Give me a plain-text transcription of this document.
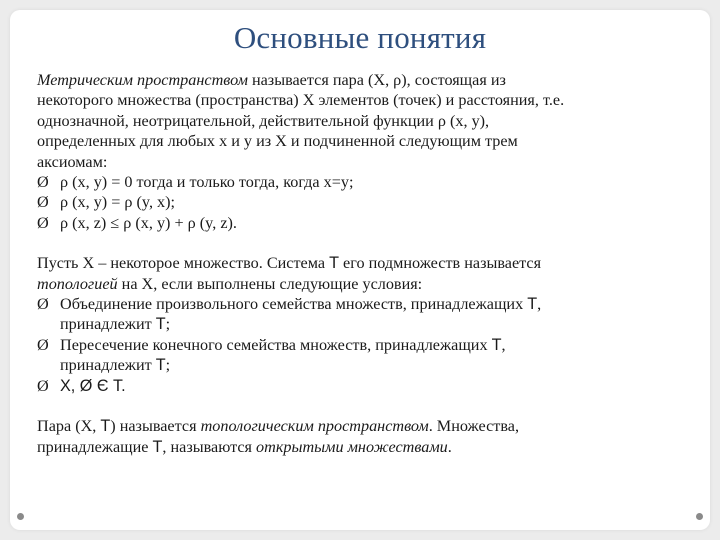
Основные понятия

Метрическим пространством называется пара (X, ρ), состоящая из

некоторого множества (пространства) X элементов (точек) и расстояния, т.е.

однозначной, неотрицательной, действительной функции ρ (x, y),

определенных для любых x и y из X и подчиненной следующим трем

аксиомам:

Ø ρ (x, y) = 0 тогда и только тогда, когда x=y;
Ø ρ (x, y) = ρ (y, x);
Ø ρ (x, z) ≤ ρ (x, y) + ρ (y, z).

Пусть X – некоторое множество. Система T его подмножеств называется

топологией на X, если выполнены следующие условия:

Ø Объединение произвольного семейства множеств, принадлежащих T,
принадлежит T;
Ø Пересечение конечного семейства множеств, принадлежащих T,
принадлежит T;
Ø X, Ø Є T.

Пара (X, T) называется топологическим пространством. Множества,

принадлежащие T, называются открытыми множествами.
